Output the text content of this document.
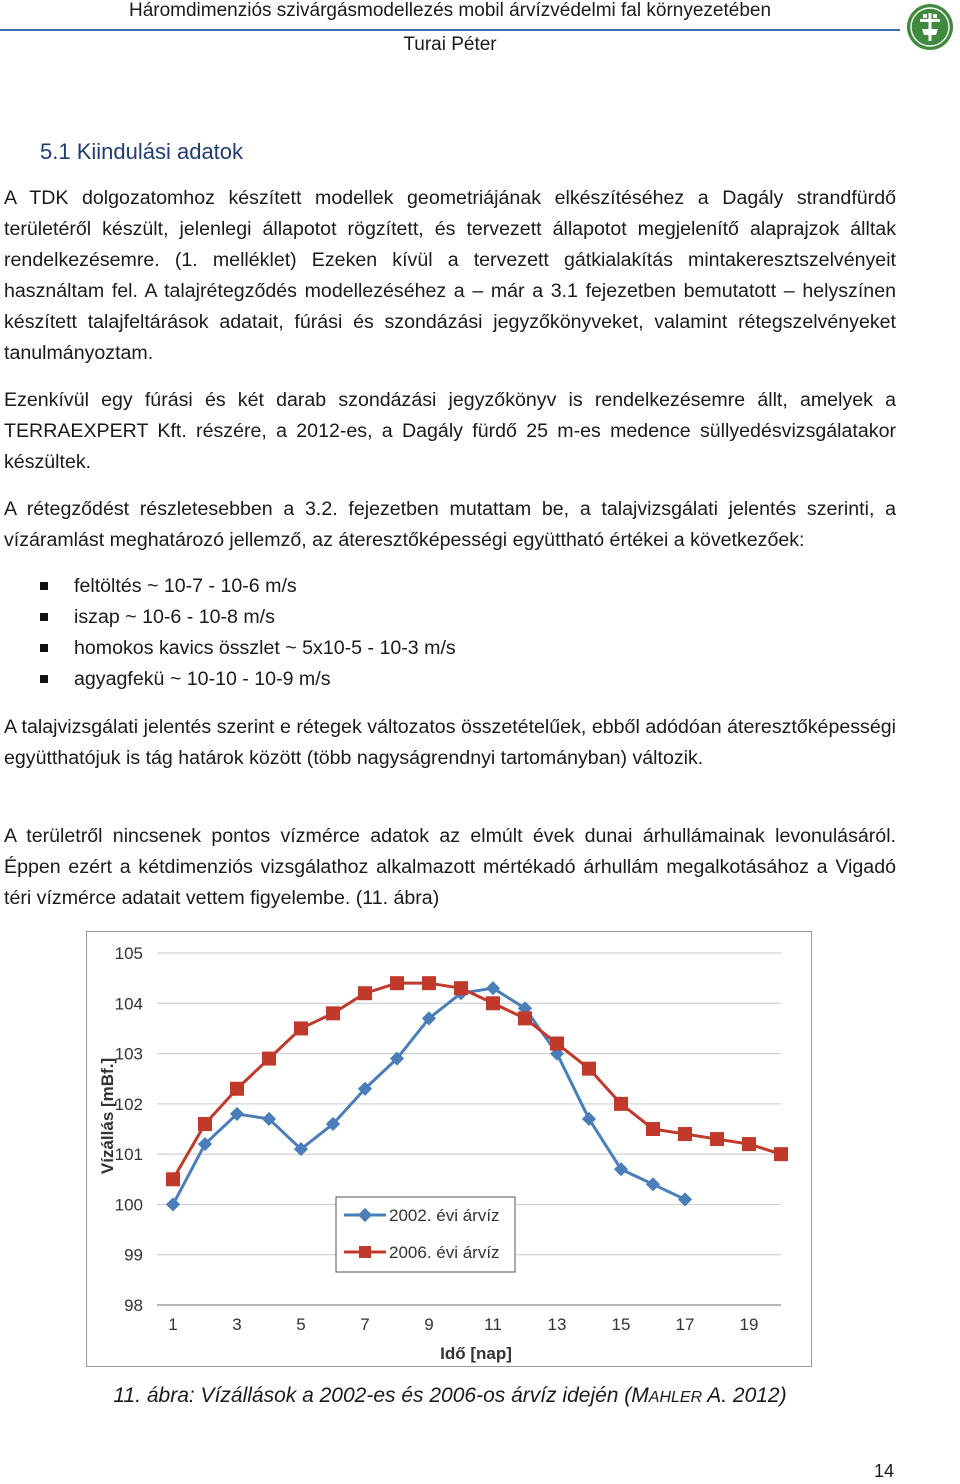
Háromdimenziós szivárgásmodellezés mobil árvízvédelmi fal környezetében
Turai Péter
5.1 Kiindulási adatok

A TDK dolgozatomhoz készített modellek geometriájának elkészítéséhez a Dagály strandfürdő területéről készült, jelenlegi állapotot rögzített, és tervezett állapotot megjelenítő alaprajzok álltak rendelkezésemre. (1. melléklet) Ezeken kívül a tervezett gátkialakítás mintakeresztszelvényeit használtam fel. A talajrétegződés modellezéséhez a – már a 3.1 fejezetben bemutatott – helyszínen készített talajfeltárások adatait, fúrási és szondázási jegyzőkönyveket, valamint rétegszelvényeket tanulmányoztam.

Ezenkívül egy fúrási és két darab szondázási jegyzőkönyv is rendelkezésemre állt, amelyek a TERRAEXPERT Kft. részére, a 2012-es, a Dagály fürdő 25 m-es medence süllyedésvizsgálatakor készültek.

A rétegződést részletesebben a 3.2. fejezetben mutattam be, a talajvizsgálati jelentés szerinti, a vízáramlást meghatározó jellemző, az áteresztőképességi együttható értékei a következőek:

feltöltés ~ 10-7 - 10-6 m/s
iszap ~ 10-6 - 10-8 m/s
homokos kavics összlet ~ 5x10-5 - 10-3 m/s
agyagfekü ~ 10-10 - 10-9 m/s

A talajvizsgálati jelentés szerint e rétegek változatos összetételűek, ebből adódóan áteresztőképességi együtthatójuk is tág határok között (több nagyságrendnyi tartományban) változik.

A területről nincsenek pontos vízmérce adatok az elmúlt évek dunai árhullámainak levonulásáról. Éppen ezért a kétdimenziós vizsgálathoz alkalmazott mértékadó árhullám megalkotásához a Vigadó téri vízmérce adatait vettem figyelembe. (11. ábra)

98
99
100
101
102
103
104
105
1	3	5	7	9	11	13	15	17	19
Vízállás [mBf.]
Idő [nap]
2002. évi árvíz
2006. évi árvíz
11. ábra: Vízállások a 2002-es és 2006-os árvíz idején (MAHLER A. 2012)
14
